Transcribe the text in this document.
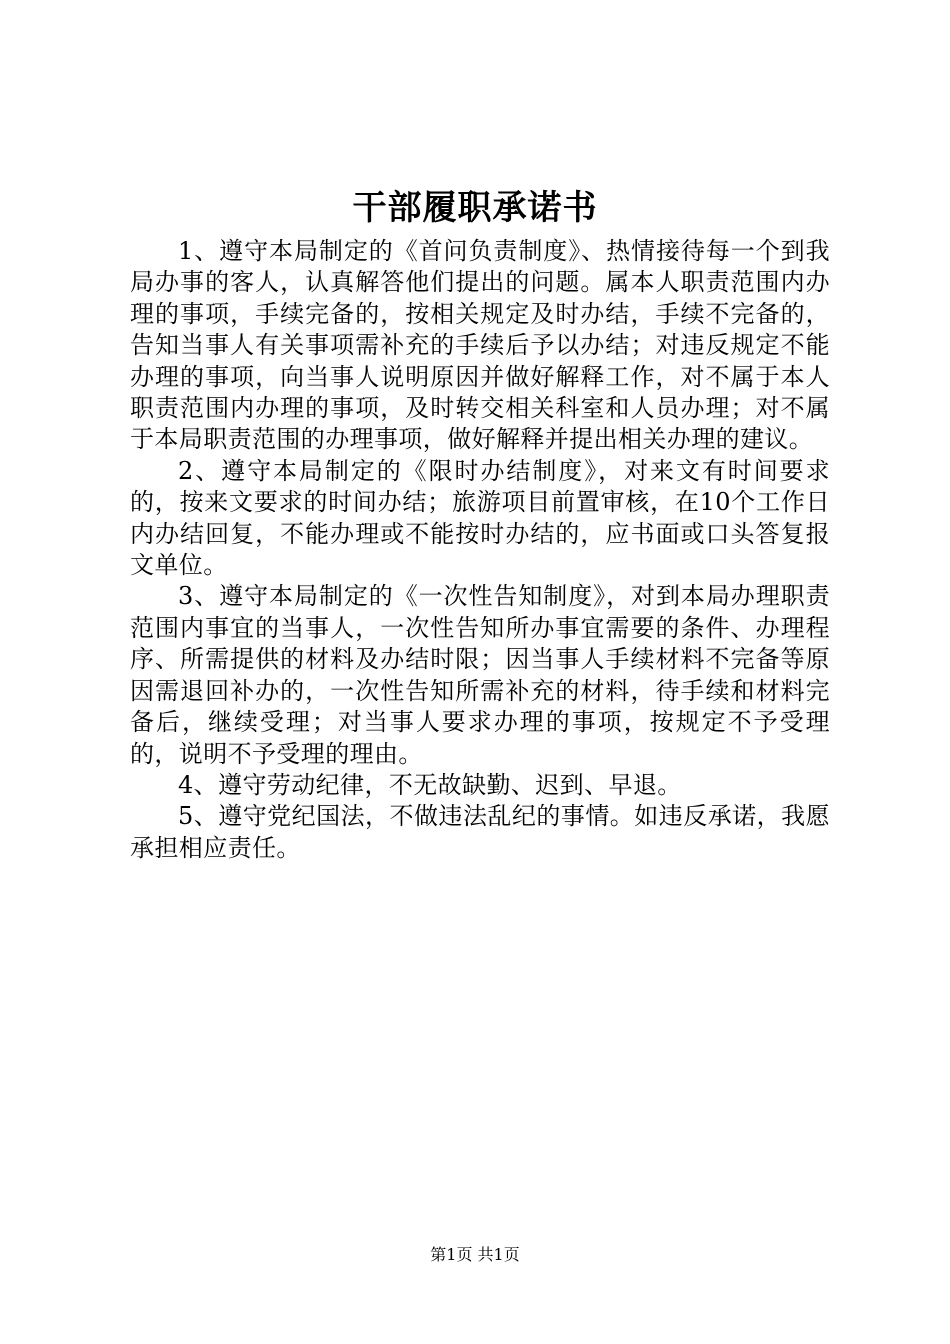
干部履职承诺书

1、遵守本局制定的《首问负责制度》、热情接待每一个到我局办事的客人，认真解答他们提出的问题。属本人职责范围内办理的事项，手续完备的，按相关规定及时办结，手续不完备的，告知当事人有关事项需补充的手续后予以办结；对违反规定不能办理的事项，向当事人说明原因并做好解释工作，对不属于本人职责范围内办理的事项，及时转交相关科室和人员办理；对不属于本局职责范围的办理事项，做好解释并提出相关办理的建议。

2、遵守本局制定的《限时办结制度》，对来文有时间要求的，按来文要求的时间办结；旅游项目前置审核，在10个工作日内办结回复，不能办理或不能按时办结的，应书面或口头答复报文单位。

3、遵守本局制定的《一次性告知制度》，对到本局办理职责范围内事宜的当事人，一次性告知所办事宜需要的条件、办理程序、所需提供的材料及办结时限；因当事人手续材料不完备等原因需退回补办的，一次性告知所需补充的材料，待手续和材料完备后，继续受理；对当事人要求办理的事项，按规定不予受理的，说明不予受理的理由。

4、遵守劳动纪律，不无故缺勤、迟到、早退。

5、遵守党纪国法，不做违法乱纪的事情。如违反承诺，我愿承担相应责任。

第1页 共1页
